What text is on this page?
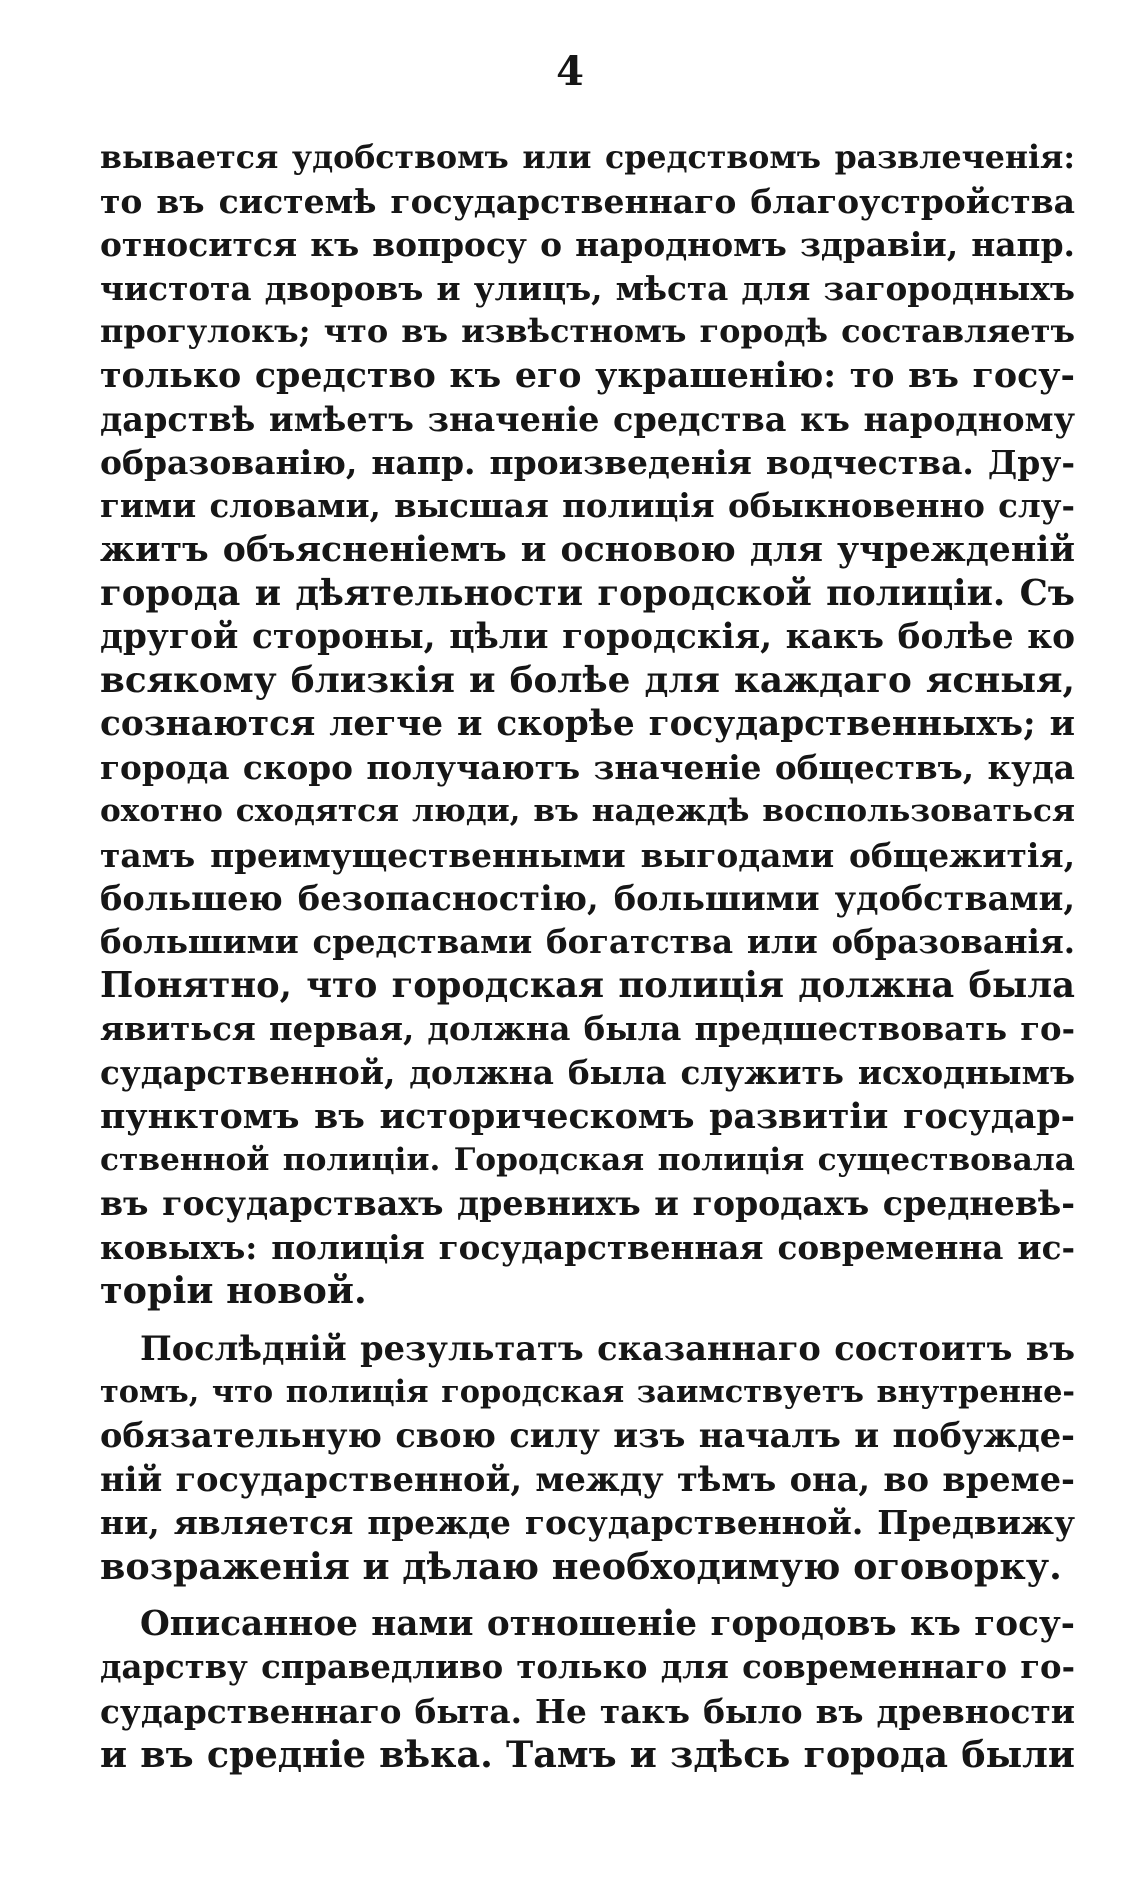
4
вывается удобствомъ или средствомъ развлеченія:
то въ системѣ государственнаго благоустройства
относится къ вопросу о народномъ здравіи, напр.
чистота дворовъ и улицъ, мѣста для загородныхъ
прогулокъ; что въ извѣстномъ городѣ составляетъ
только средство къ его украшенію: то въ госу-
дарствѣ имѣетъ значеніе средства къ народному
образованію, напр. произведенія водчества. Дру-
гими словами, высшая полиція обыкновенно слу-
житъ объясненіемъ и основою для учрежденій
города и дѣятельности городской полиціи. Съ
другой стороны, цѣли городскія, какъ болѣе ко
всякому близкія и болѣе для каждаго ясныя,
сознаются легче и скорѣе государственныхъ; и
города скоро получаютъ значеніе обществъ, куда
охотно сходятся люди, въ надеждѣ воспользоваться
тамъ преимущественными выгодами общежитія,
большею безопасностію, большими удобствами,
большими средствами богатства или образованія.
Понятно, что городская полиція должна была
явиться первая, должна была предшествовать го-
сударственной, должна была служить исходнымъ
пунктомъ въ историческомъ развитіи государ-
ственной полиціи. Городская полиція существовала
въ государствахъ древнихъ и городахъ средневѣ-
ковыхъ: полиція государственная современна ис-
торіи новой.
Послѣдній результатъ сказаннаго состоитъ въ
томъ, что полиція городская заимствуетъ внутренне-
обязательную свою силу изъ началъ и побужде-
ній государственной, между тѣмъ она, во време-
ни, является прежде государственной. Предвижу
возраженія и дѣлаю необходимую оговорку.
Описанное нами отношеніе городовъ къ госу-
дарству справедливо только для современнаго го-
сударственнаго быта. Не такъ было въ древности
и въ средніе вѣка. Тамъ и здѣсь города были
